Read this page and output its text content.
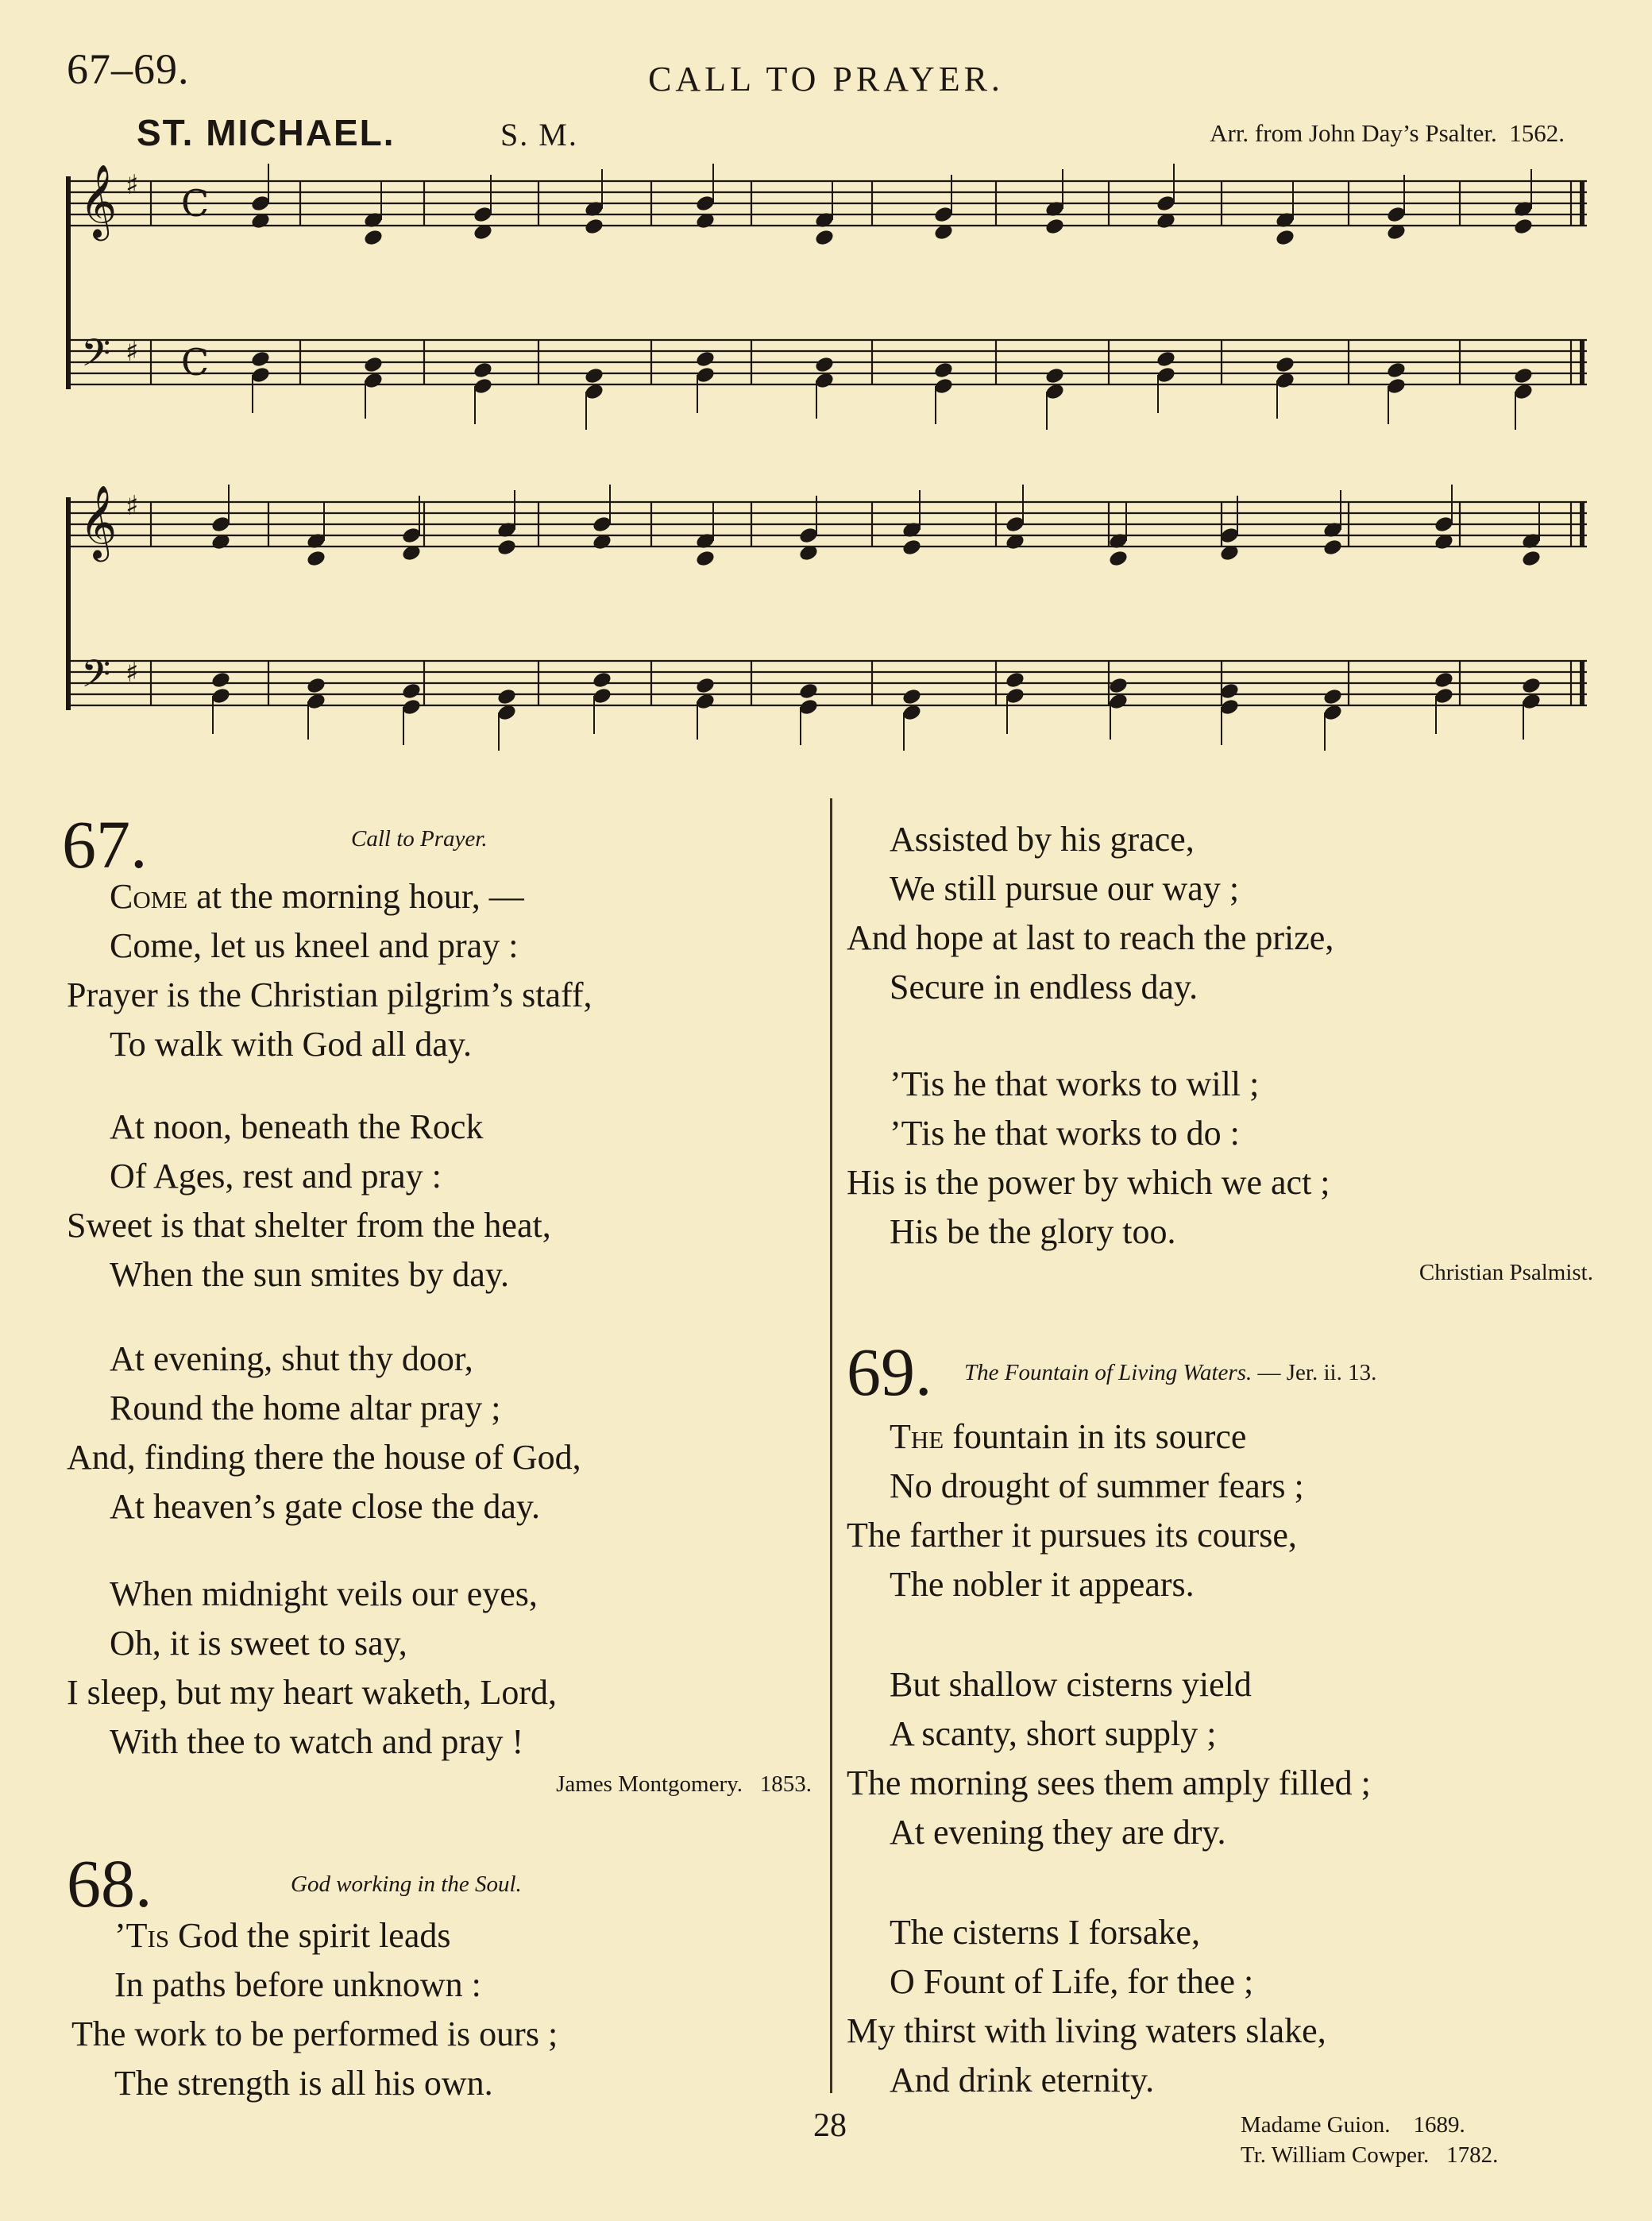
67–69.	CALL TO PRAYER.
ST. MICHAEL.	S. M.	Arr. from John Day’s Psalter. 1562.
𝄞
𝄢
♯
♯
C
C
𝄞
𝄢
♯
♯
67.	Call to Prayer.
Come at the morning hour, —
Come, let us kneel and pray :
Prayer is the Christian pilgrim’s staff,
To walk with God all day.
At noon, beneath the Rock
Of Ages, rest and pray :
Sweet is that shelter from the heat,
When the sun smites by day.
At evening, shut thy door,
Round the home altar pray ;
And, finding there the house of God,
At heaven’s gate close the day.
When midnight veils our eyes,
Oh, it is sweet to say,
I sleep, but my heart waketh, Lord,
With thee to watch and pray !
James Montgomery. 1853.
68.	God working in the Soul.
’Tis God the spirit leads
In paths before unknown :
The work to be performed is ours ;
The strength is all his own.
Assisted by his grace,
We still pursue our way ;
And hope at last to reach the prize,
Secure in endless day.
’Tis he that works to will ;
’Tis he that works to do :
His is the power by which we act ;
His be the glory too.
Christian Psalmist.
69. The Fountain of Living Waters. — Jer. ii. 13.
The fountain in its source
No drought of summer fears ;
The farther it pursues its course,
The nobler it appears.
But shallow cisterns yield
A scanty, short supply ;
The morning sees them amply filled ;
At evening they are dry.
The cisterns I forsake,
O Fount of Life, for thee ;
My thirst with living waters slake,
And drink eternity.
Madame Guion. 1689.
Tr. William Cowper. 1782.
28
